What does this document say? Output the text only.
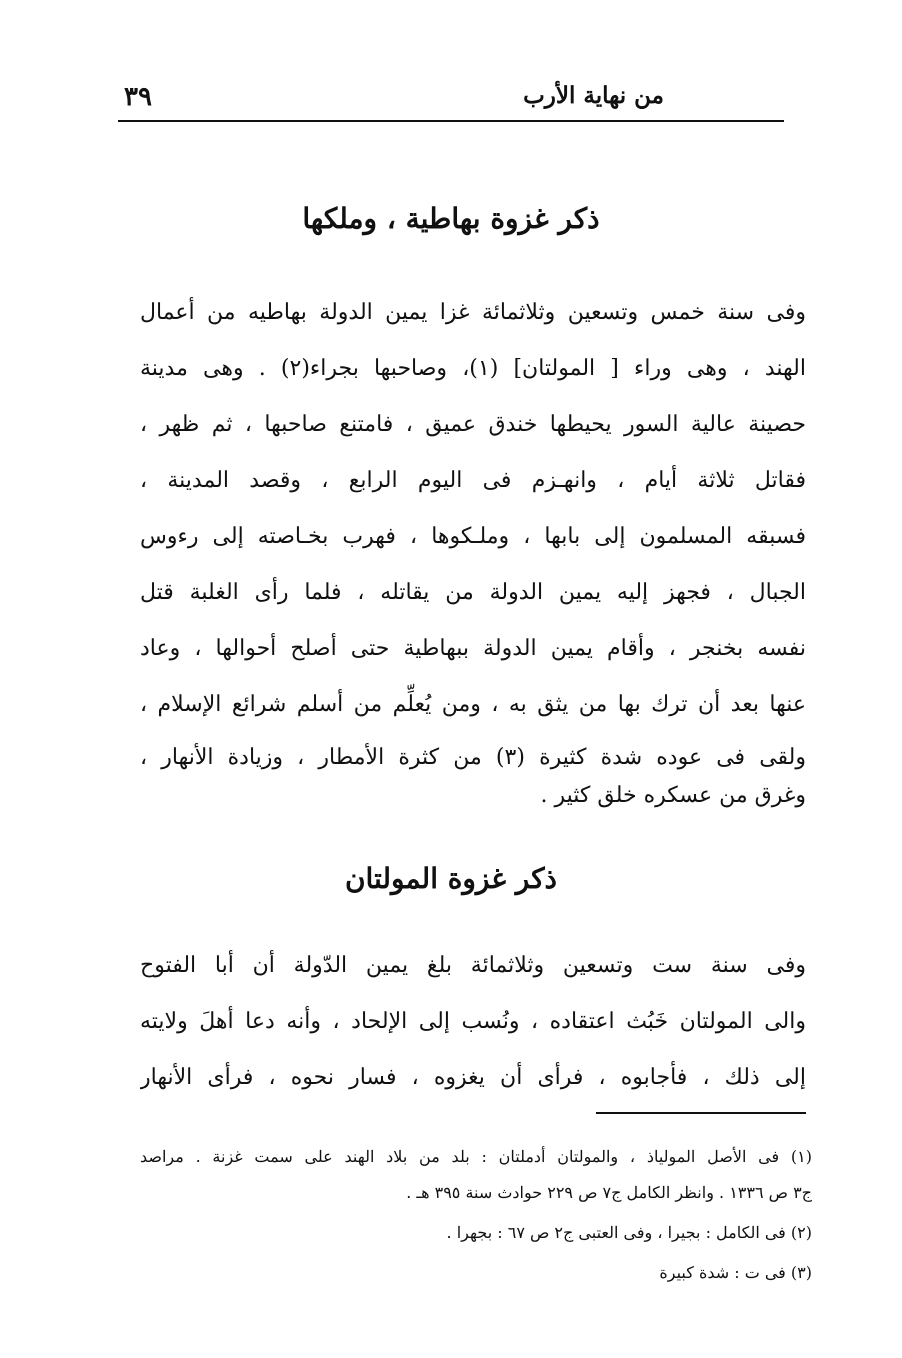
من نهاية الأرب
٣٩
ذكر غزوة بهاطية ، وملكها
وفى سنة خمس وتسعين وثلاثمائة غزا يمين الدولة بهاطيه من أعمال
الهند ، وهى وراء [ المولتان] (١)، وصاحبها بجراء(٢) . وهى مدينة
حصينة عالية السور يحيطها خندق عميق ، فامتنع صاحبها ، ثم ظهر ،
فقاتل ثلاثة أيام ، وانهـزم فى اليوم الرابع ، وقصد المدينة ،
فسبقه المسلمون إلى بابها ، وملـكوها ، فهرب بخـاصته إلى رءوس
الجبال ، فجهز إليه يمين الدولة من يقاتله ، فلما رأى الغلبة قتل
نفسه بخنجر ، وأقام يمين الدولة ببهاطية حتى أصلح أحوالها ، وعاد
عنها بعد أن ترك بها من يثق به ، ومن يُعلِّم من أسلم شرائع الإسلام ،
ولقى فى عوده شدة كثيرة (٣) من كثرة الأمطار ، وزيادة الأنهار ،
وغرق من عسكره خلق كثير .
ذكر غزوة المولتان
وفى سنة ست وتسعين وثلاثمائة بلغ يمين الدّولة أن أبا الفتوح
والى المولتان خَبُث اعتقاده ، ونُسب إلى الإلحاد ، وأنه دعا أهلَ ولايته
إلى ذلك ، فأجابوه ، فرأى أن يغزوه ، فسار نحوه ، فرأى الأنهار
(١) فى الأصل المولياذ ، والمولتان أدملتان : بلد من بلاد الهند على سمت غزنة . مراصد
ج٣ ص ١٣٣٦ . وانظر الكامل ج٧ ص ٢٢٩ حوادث سنة ٣٩٥ هـ .
(٢) فى الكامل : بجيرا ، وفى العتبى ج٢ ص ٦٧ : بجهرا .
(٣) فى ت : شدة كبيرة
